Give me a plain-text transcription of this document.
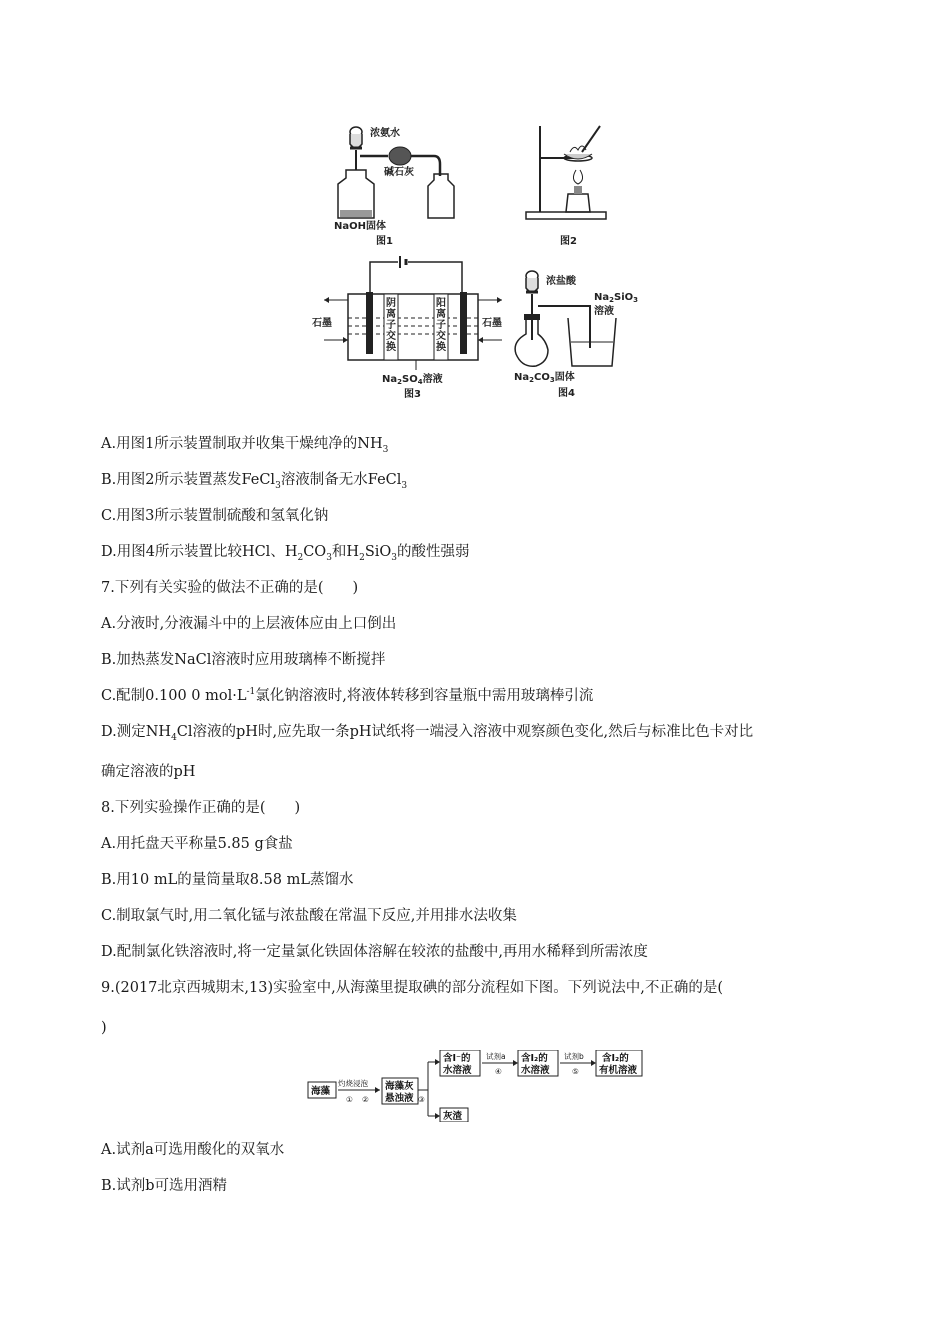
浓氨水
碱石灰
NaOH固体
图1	图2
阴
离
子
交
换
阳
离
子
交
换
石墨	石墨
$Na_2SO_4$溶液
图3
浓盐酸
$Na_2SiO_3$
溶液
$Na_2CO_3$固体
图4
A.用图1所示装置制取并收集干燥纯净的$NH_3$
B.用图2所示装置蒸发FeCl$_3$溶液制备无水FeCl$_3$
C.用图3所示装置制硫酸和氢氧化钠
D.用图4所示装置比较HCl、$H_2CO_3$和$H_2SiO_3$的酸性强弱
7.下列有关实验的做法不正确的是(　　)
A.分液时,分液漏斗中的上层液体应由上口倒出
B.加热蒸发NaCl溶液时应用玻璃棒不断搅拌
C.配制0.100 0 $mol\cdot L^{-1}$氯化钠溶液时,将液体转移到容量瓶中需用玻璃棒引流
D.测定$NH_4Cl$溶液的pH时,应先取一条pH试纸将一端浸入溶液中观察颜色变化,然后与标准比色卡对比
确定溶液的pH
8.下列实验操作正确的是(　　)
A.用托盘天平称量5.85 g食盐
B.用10 mL的量筒量取8.58 mL蒸馏水
C.制取氯气时,用二氧化锰与浓盐酸在常温下反应,并用排水法收集
D.配制氯化铁溶液时,将一定量氯化铁固体溶解在较浓的盐酸中,再用水稀释到所需浓度
9.(2017北京西城期末,13)实验室中,从海藻里提取碘的部分流程如下图。下列说法中,不正确的是(
)
海藻
灼烧浸泡
① ②
海藻灰
悬浊液 ③
含I⁻的
水溶液
灰渣
试剂a
④
含I₂的
水溶液
试剂b
⑤
含I₂的
有机溶液
A.试剂a可选用酸化的双氧水
B.试剂b可选用酒精
